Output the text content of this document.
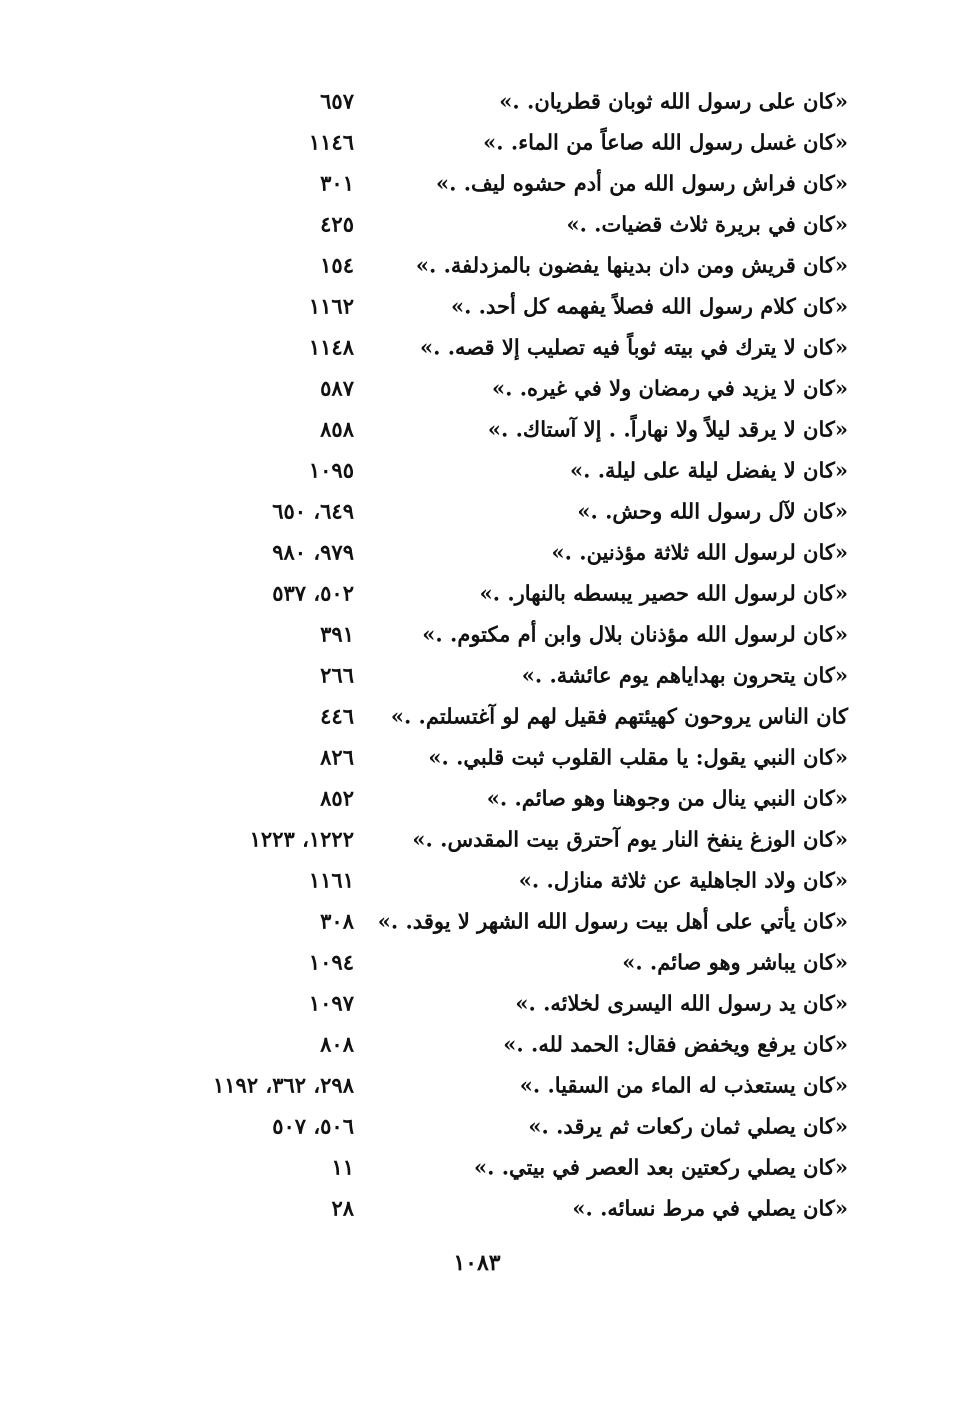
«كان على رسول الله ثوبان قطريان. .»
٦٥٧
«كان غسل رسول الله صاعاً من الماء. .»
١١٤٦
«كان فراش رسول الله من أدم حشوه ليف. .»
٣٠١
«كان في بريرة ثلاث قضيات. .»
٤٢٥
«كان قريش ومن دان بدينها يفضون بالمزدلفة. .»
١٥٤
«كان كلام رسول الله فصلاً يفهمه كل أحد. .»
١١٦٢
«كان لا يترك في بيته ثوباً فيه تصليب إلا قصه. .»
١١٤٨
«كان لا يزيد في رمضان ولا في غيره. .»
٥٨٧
«كان لا يرقد ليلاً ولا نهاراً. . إلا آستاك. .»
٨٥٨
«كان لا يفضل ليلة على ليلة. .»
١٠٩٥
«كان لآل رسول الله وحش. .»
٦٤٩، ٦٥٠
«كان لرسول الله ثلاثة مؤذنين. .»
٩٧٩، ٩٨٠
«كان لرسول الله حصير يبسطه بالنهار. .»
٥٠٢، ٥٣٧
«كان لرسول الله مؤذنان بلال وابن أم مكتوم. .»
٣٩١
«كان يتحرون بهداياهم يوم عائشة. .»
٢٦٦
كان الناس يروحون كهيئتهم فقيل لهم لو آغتسلتم. .»
٤٤٦
«كان النبي يقول: يا مقلب القلوب ثبت قلبي. .»
٨٢٦
«كان النبي ينال من وجوهنا وهو صائم. .»
٨٥٢
«كان الوزغ ينفخ النار يوم آحترق بيت المقدس. .»
١٢٢٢، ١٢٢٣
«كان ولاد الجاهلية عن ثلاثة منازل. .»
١١٦١
«كان يأتي على أهل بيت رسول الله الشهر لا يوقد. .»
٣٠٨
«كان يباشر وهو صائم. .»
١٠٩٤
«كان يد رسول الله اليسرى لخلائه. .»
١٠٩٧
«كان يرفع ويخفض فقال: الحمد لله. .»
٨٠٨
«كان يستعذب له الماء من السقيا. .»
٢٩٨، ٣٦٢، ١١٩٢
«كان يصلي ثمان ركعات ثم يرقد. .»
٥٠٦، ٥٠٧
«كان يصلي ركعتين بعد العصر في بيتي. .»
١١
«كان يصلي في مرط نسائه. .»
٢٨
١٠٨٣
